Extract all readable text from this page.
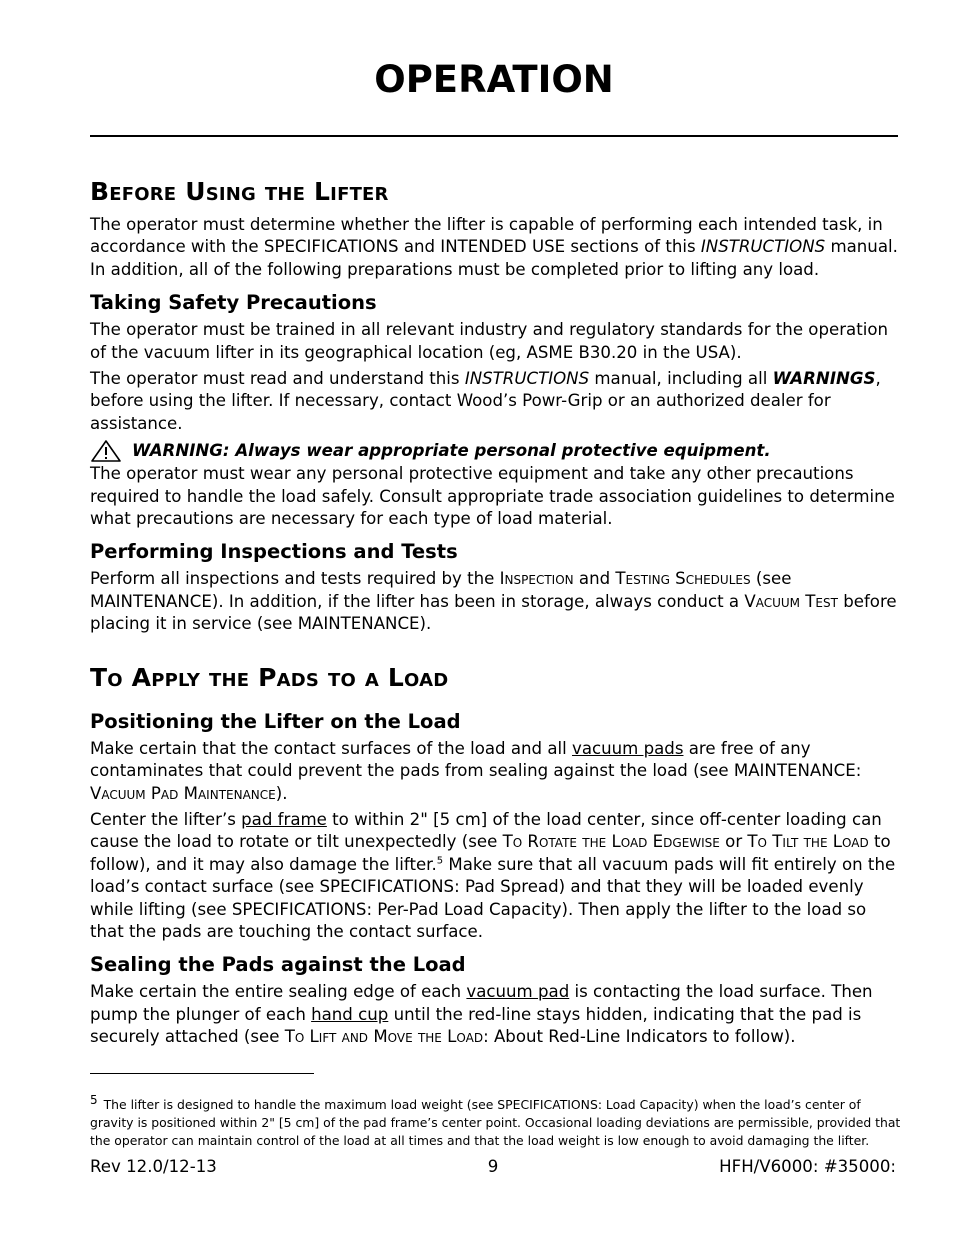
OPERATION
Before Using the Lifter

The operator must determine whether the lifter is capable of performing each intended task, in accordance with the SPECIFICATIONS and INTENDED USE sections of this INSTRUCTIONS manual. In addition, all of the following preparations must be completed prior to lifting any load.

Taking Safety Precautions

The operator must be trained in all relevant industry and regulatory standards for the operation of the vacuum lifter in its geographical location (eg, ASME B30.20 in the USA).

The operator must read and understand this INSTRUCTIONS manual, including all WARNINGS, before using the lifter. If necessary, contact Wood’s Powr-Grip or an authorized dealer for assistance.

WARNING: Always wear appropriate personal protective equipment.

The operator must wear any personal protective equipment and take any other precautions required to handle the load safely. Consult appropriate trade association guidelines to determine what precautions are necessary for each type of load material.

Performing Inspections and Tests

Perform all inspections and tests required by the Inspection and Testing Schedules (see MAINTENANCE). In addition, if the lifter has been in storage, always conduct a Vacuum Test before placing it in service (see MAINTENANCE).

To Apply the Pads to a Load
Positioning the Lifter on the Load

Make certain that the contact surfaces of the load and all vacuum pads are free of any contaminates that could prevent the pads from sealing against the load (see MAINTENANCE: Vacuum Pad Maintenance).

Center the lifter’s pad frame to within 2" [5 cm] of the load center, since off-center loading can cause the load to rotate or tilt unexpectedly (see To Rotate the Load Edgewise or To Tilt the Load to follow), and it may also damage the lifter.$^5$ Make sure that all vacuum pads will fit entirely on the load’s contact surface (see SPECIFICATIONS: Pad Spread) and that they will be loaded evenly while lifting (see SPECIFICATIONS: Per-Pad Load Capacity). Then apply the lifter to the load so that the pads are touching the contact surface.

Sealing the Pads against the Load

Make certain the entire sealing edge of each vacuum pad is contacting the load surface. Then pump the plunger of each hand cup until the red-line stays hidden, indicating that the pad is securely attached (see To Lift and Move the Load: About Red-Line Indicators to follow).

5 The lifter is designed to handle the maximum load weight (see SPECIFICATIONS: Load Capacity) when the load’s center of gravity is positioned within 2" [5 cm] of the pad frame’s center point. Occasional loading deviations are permissible, provided that the operator can maintain control of the load at all times and that the load weight is low enough to avoid damaging the lifter.

Rev 12.0/12-13	9	HFH/V6000: #35000:
